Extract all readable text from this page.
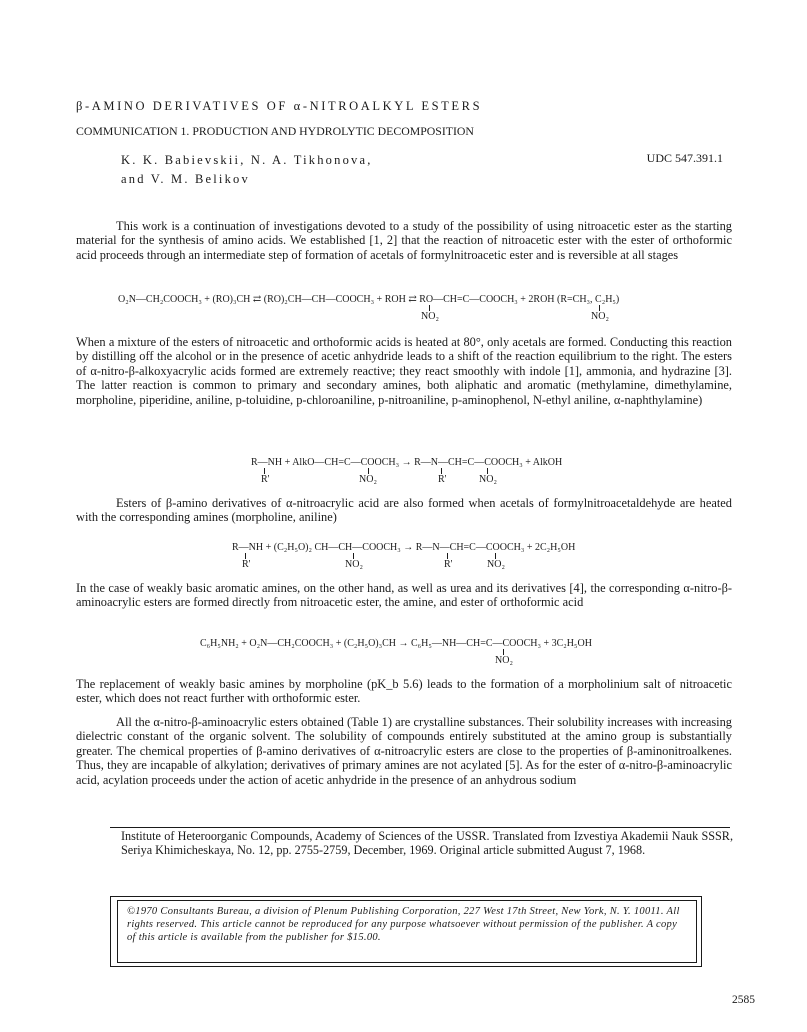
β-AMINO DERIVATIVES OF α-NITROALKYL ESTERS
COMMUNICATION 1. PRODUCTION AND HYDROLYTIC DECOMPOSITION
K. K. Babievskii, N. A. Tikhonova,
and V. M. Belikov
UDC 547.391.1

This work is a continuation of investigations devoted to a study of the possibility of using nitroacetic ester as the starting material for the synthesis of amino acids. We established [1, 2] that the reaction of nitroacetic ester with the ester of orthoformic acid proceeds through an intermediate step of formation of acetals of formylnitroacetic ester and is reversible at all stages

O₂N—CH₂COOCH₃ + (RO)₃CH ⇄ (RO)₂CH—CH—COOCH₃ + ROH ⇄ RO—CH=C—COOCH₃ + 2ROH (R=CH₃, C₂H₅)
NO₂	NO₂

When a mixture of the esters of nitroacetic and orthoformic acids is heated at 80°, only acetals are formed. Conducting this reaction by distilling off the alcohol or in the presence of acetic anhydride leads to a shift of the reaction equilibrium to the right. The esters of α-nitro-β-alkoxyacrylic acids formed are extremely reactive; they react smoothly with indole [1], ammonia, and hydrazine [3]. The latter reaction is common to primary and secondary amines, both aliphatic and aromatic (methylamine, dimethylamine, morpholine, piperidine, aniline, p-toluidine, p-chloroaniline, p-nitroaniline, p-aminophenol, N-ethyl aniline, α-naphthylamine)

R—NH + AlkO—CH=C—COOCH₃ → R—N—CH=C—COOCH₃ + AlkOH
R'	NO₂	R'	NO₂

Esters of β-amino derivatives of α-nitroacrylic acid are also formed when acetals of formylnitroacetaldehyde are heated with the corresponding amines (morpholine, aniline)

R—NH + (C₂H₅O)₂ CH—CH—COOCH₃ → R—N—CH=C—COOCH₃ + 2C₂H₅OH
R'	NO₂	R'	NO₂

In the case of weakly basic aromatic amines, on the other hand, as well as urea and its derivatives [4], the corresponding α-nitro-β-aminoacrylic esters are formed directly from nitroacetic ester, the amine, and ester of orthoformic acid

C₆H₅NH₂ + O₂N—CH₂COOCH₃ + (C₂H₅O)₃CH → C₆H₅—NH—CH=C—COOCH₃ + 3C₂H₅OH
NO₂

The replacement of weakly basic amines by morpholine (pK_b 5.6) leads to the formation of a morpholinium salt of nitroacetic ester, which does not react further with orthoformic ester.

All the α-nitro-β-aminoacrylic esters obtained (Table 1) are crystalline substances. Their solubility increases with increasing dielectric constant of the organic solvent. The solubility of compounds entirely substituted at the amino group is substantially greater. The chemical properties of β-amino derivatives of α-nitroacrylic esters are close to the properties of β-aminonitroalkenes. Thus, they are incapable of alkylation; derivatives of primary amines are not acylated [5]. As for the ester of α-nitro-β-aminoacrylic acid, acylation proceeds under the action of acetic anhydride in the presence of an anhydrous sodium

Institute of Heteroorganic Compounds, Academy of Sciences of the USSR. Translated from Izvestiya Akademii Nauk SSSR, Seriya Khimicheskaya, No. 12, pp. 2755-2759, December, 1969. Original article submitted August 7, 1968.
©1970 Consultants Bureau, a division of Plenum Publishing Corporation, 227 West 17th Street, New York, N. Y. 10011. All rights reserved. This article cannot be reproduced for any purpose whatsoever without permission of the publisher. A copy of this article is available from the publisher for $15.00.
2585
